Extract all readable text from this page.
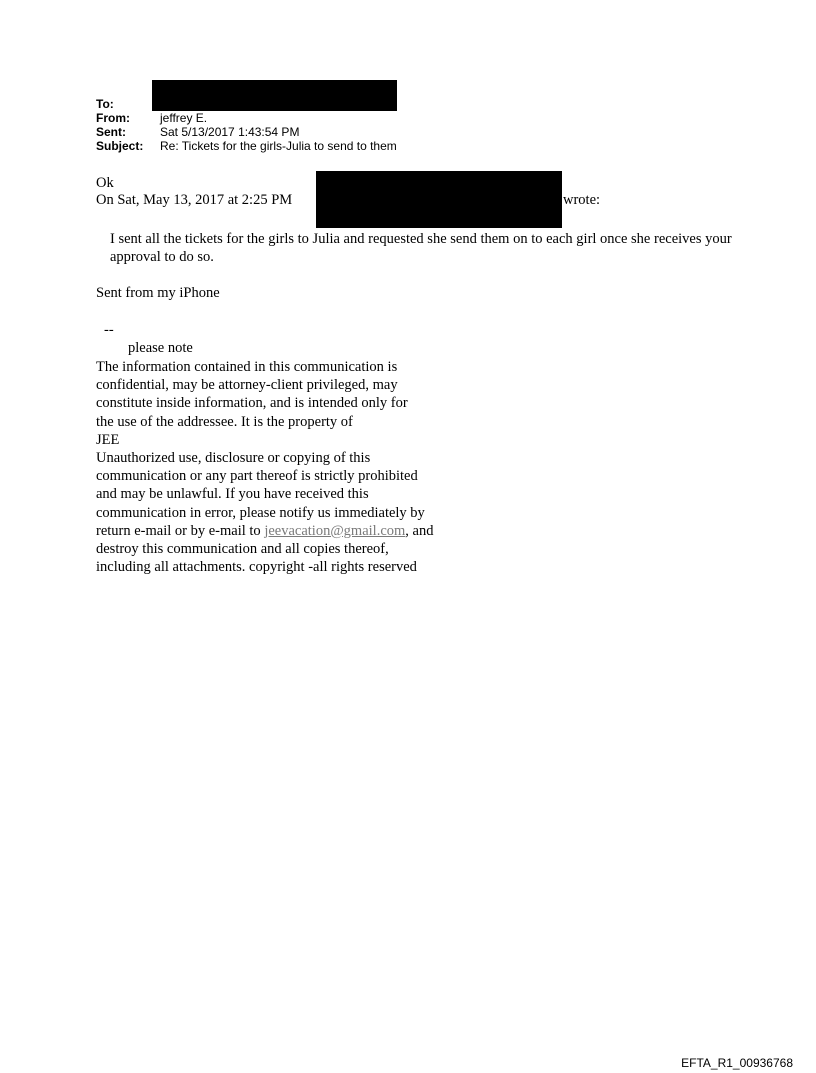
To:
From:	jeffrey E.
Sent:	Sat 5/13/2017 1:43:54 PM
Subject: Re: Tickets for the girls-Julia to send to them
Ok
On Sat, May 13, 2017 at 2:25 PM	wrote:

I sent all the tickets for the girls to Julia and requested she send them on to each girl once she receives your approval to do so.

Sent from my iPhone
--
please note
The information contained in this communication is
confidential, may be attorney-client privileged, may
constitute inside information, and is intended only for
the use of the addressee. It is the property of
JEE
Unauthorized use, disclosure or copying of this
communication or any part thereof is strictly prohibited
and may be unlawful. If you have received this
communication in error, please notify us immediately by
return e-mail or by e-mail to jeevacation@gmail.com, and
destroy this communication and all copies thereof,
including all attachments. copyright -all rights reserved
EFTA_R1_00936768
